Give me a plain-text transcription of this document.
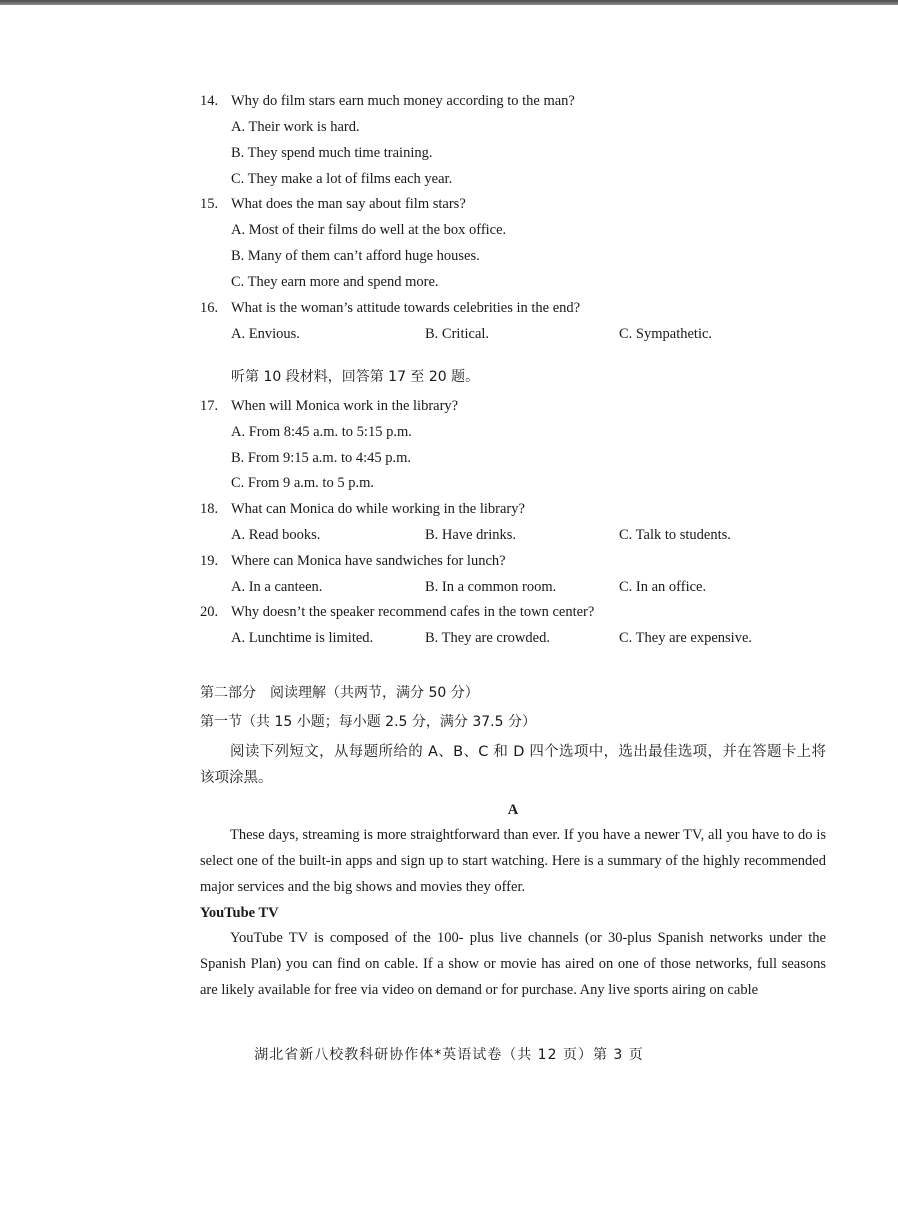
14. Why do film stars earn much money according to the man?
A. Their work is hard.
B. They spend much time training.
C. They make a lot of films each year.
15. What does the man say about film stars?
A. Most of their films do well at the box office.
B. Many of them can’t afford huge houses.
C. They earn more and spend more.
16. What is the woman’s attitude towards celebrities in the end?
A. Envious.	B. Critical.	C. Sympathetic.
听第 10 段材料，回答第 17 至 20 题。
17. When will Monica work in the library?
A. From 8:45 a.m. to 5:15 p.m.
B. From 9:15 a.m. to 4:45 p.m.
C. From 9 a.m. to 5 p.m.
18. What can Monica do while working in the library?
A. Read books.	B. Have drinks.	C. Talk to students.
19. Where can Monica have sandwiches for lunch?
A. In a canteen.	B. In a common room.	C. In an office.
20. Why doesn’t the speaker recommend cafes in the town center?
A. Lunchtime is limited.	B. They are crowded.	C. They are expensive.
第二部分　阅读理解（共两节，满分 50 分）
第一节（共 15 小题；每小题 2.5 分，满分 37.5 分）
阅读下列短文，从每题所给的 A、B、C 和 D 四个选项中，选出最佳选项，并在答题卡上将该项涂黑。
A
These days, streaming is more straightforward than ever. If you have a newer TV, all you have to do is select one of the built-in apps and sign up to start watching. Here is a summary of the highly recommended major services and the big shows and movies they offer.
YouTube TV
YouTube TV is composed of the 100- plus live channels (or 30-plus Spanish networks under the Spanish Plan) you can find on cable. If a show or movie has aired on one of those networks, full seasons are likely available for free via video on demand or for purchase. Any live sports airing on cable
湖北省新八校教科研协作体*英语试卷（共 12 页）第 3 页
